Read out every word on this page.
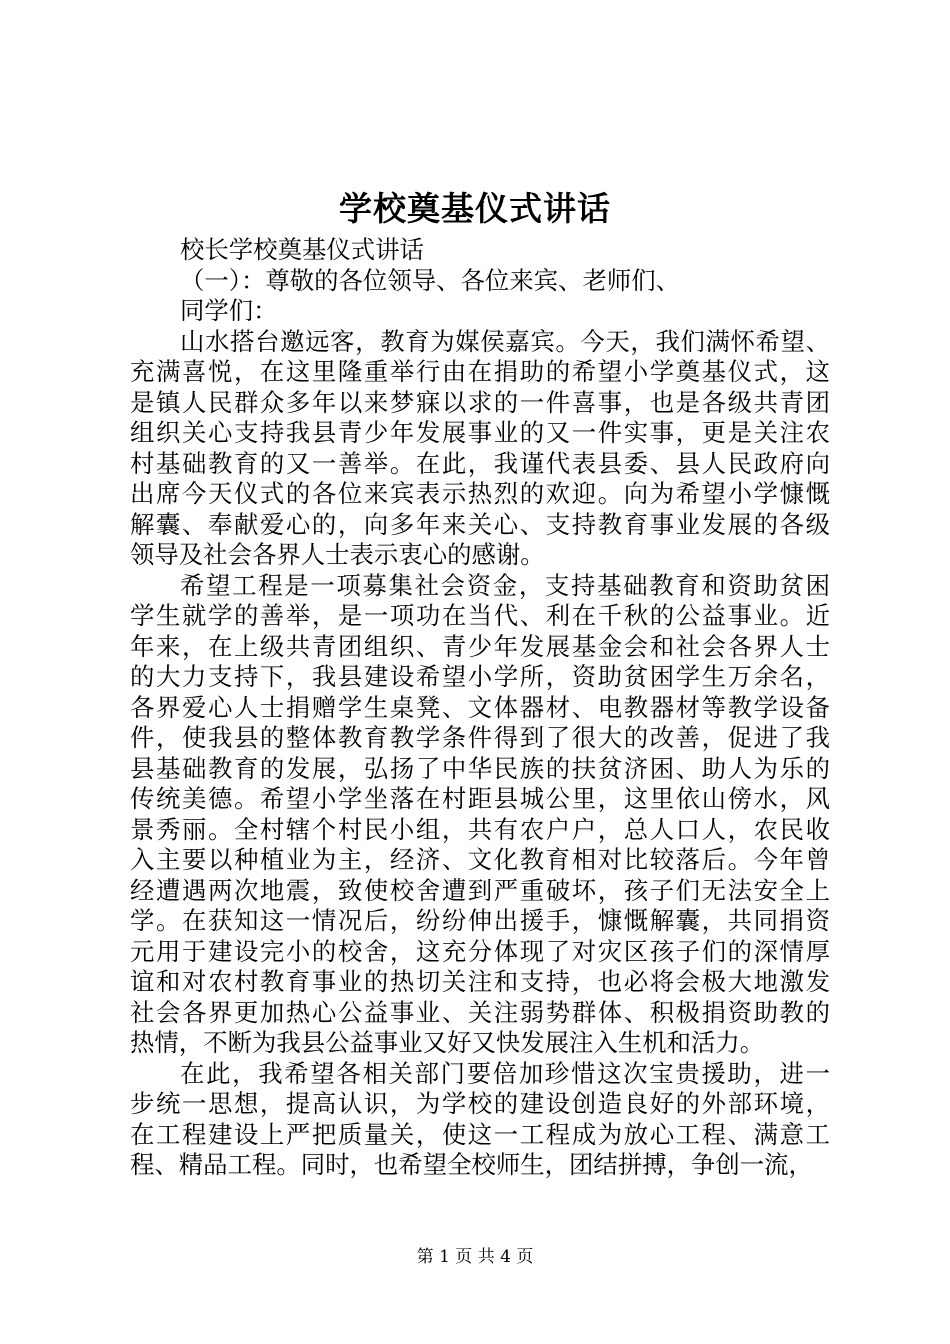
学校奠基仪式讲话
校长学校奠基仪式讲话
（一）：尊敬的各位领导、各位来宾、老师们、
同学们：
山水搭台邀远客，教育为媒侯嘉宾。今天，我们满怀希望、
充满喜悦，在这里隆重举行由在捐助的希望小学奠基仪式，这
是镇人民群众多年以来梦寐以求的一件喜事，也是各级共青团
组织关心支持我县青少年发展事业的又一件实事，更是关注农
村基础教育的又一善举。在此，我谨代表县委、县人民政府向
出席今天仪式的各位来宾表示热烈的欢迎。向为希望小学慷慨
解囊、奉献爱心的，向多年来关心、支持教育事业发展的各级
领导及社会各界人士表示衷心的感谢。
希望工程是一项募集社会资金，支持基础教育和资助贫困
学生就学的善举，是一项功在当代、利在千秋的公益事业。近
年来，在上级共青团组织、青少年发展基金会和社会各界人士
的大力支持下，我县建设希望小学所，资助贫困学生万余名，
各界爱心人士捐赠学生桌凳、文体器材、电教器材等教学设备
件，使我县的整体教育教学条件得到了很大的改善，促进了我
县基础教育的发展，弘扬了中华民族的扶贫济困、助人为乐的
传统美德。希望小学坐落在村距县城公里，这里依山傍水，风
景秀丽。全村辖个村民小组，共有农户户，总人口人，农民收
入主要以种植业为主，经济、文化教育相对比较落后。今年曾
经遭遇两次地震，致使校舍遭到严重破坏，孩子们无法安全上
学。在获知这一情况后，纷纷伸出援手，慷慨解囊，共同捐资
元用于建设完小的校舍，这充分体现了对灾区孩子们的深情厚
谊和对农村教育事业的热切关注和支持，也必将会极大地激发
社会各界更加热心公益事业、关注弱势群体、积极捐资助教的
热情，不断为我县公益事业又好又快发展注入生机和活力。
在此，我希望各相关部门要倍加珍惜这次宝贵援助，进一
步统一思想，提高认识，为学校的建设创造良好的外部环境，
在工程建设上严把质量关，使这一工程成为放心工程、满意工
程、精品工程。同时，也希望全校师生，团结拼搏，争创一流，
第 1 页 共 4 页
